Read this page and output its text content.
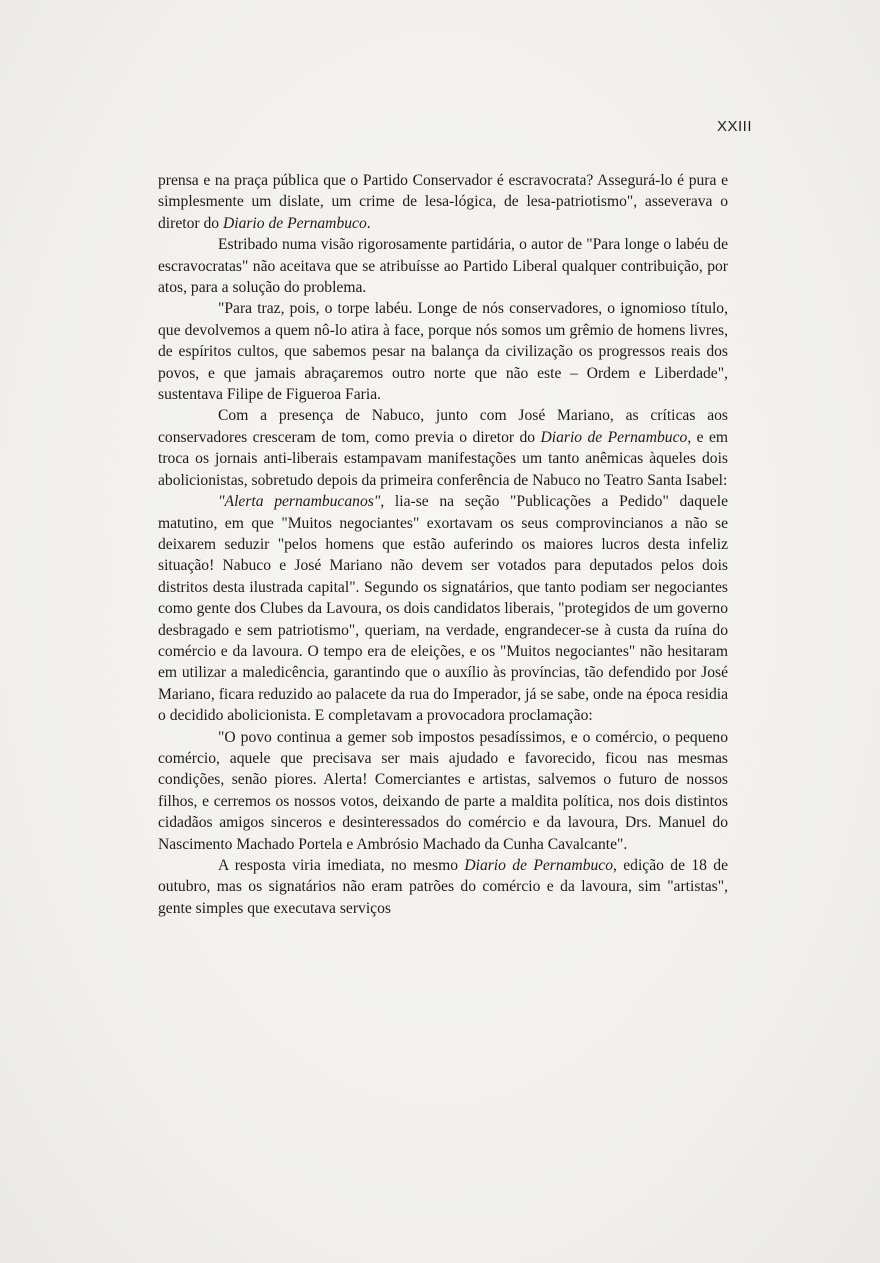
XXIII

prensa e na praça pública que o Partido Conservador é escravocrata? Assegurá-lo é pura e simplesmente um dislate, um crime de lesa-lógica, de lesa-patriotismo", asseverava o diretor do Diario de Pernambuco.

Estribado numa visão rigorosamente partidária, o autor de "Para longe o labéu de escravocratas" não aceitava que se atribuísse ao Partido Liberal qualquer contribuição, por atos, para a solução do problema.

"Para traz, pois, o torpe labéu. Longe de nós conservadores, o ignomioso título, que devolvemos a quem nô-lo atira à face, porque nós somos um grêmio de homens livres, de espíritos cultos, que sabemos pesar na balança da civilização os progressos reais dos povos, e que jamais abraçaremos outro norte que não este – Ordem e Liberdade", sustentava Filipe de Figueroa Faria.

Com a presença de Nabuco, junto com José Mariano, as críticas aos conservadores cresceram de tom, como previa o diretor do Diario de Pernambuco, e em troca os jornais anti-liberais estampavam manifestações um tanto anêmicas àqueles dois abolicionistas, sobretudo depois da primeira conferência de Nabuco no Teatro Santa Isabel:

"Alerta pernambucanos", lia-se na seção "Publicações a Pedido" daquele matutino, em que "Muitos negociantes" exortavam os seus comprovincianos a não se deixarem seduzir "pelos homens que estão auferindo os maiores lucros desta infeliz situação! Nabuco e José Mariano não devem ser votados para deputados pelos dois distritos desta ilustrada capital". Segundo os signatários, que tanto podiam ser negociantes como gente dos Clubes da Lavoura, os dois candidatos liberais, "protegidos de um governo desbragado e sem patriotismo", queriam, na verdade, engrandecer-se à custa da ruína do comércio e da lavoura. O tempo era de eleições, e os "Muitos negociantes" não hesitaram em utilizar a maledicência, garantindo que o auxílio às províncias, tão defendido por José Mariano, ficara reduzido ao palacete da rua do Imperador, já se sabe, onde na época residia o decidido abolicionista. E completavam a provocadora proclamação:

"O povo continua a gemer sob impostos pesadíssimos, e o comércio, o pequeno comércio, aquele que precisava ser mais ajudado e favorecido, ficou nas mesmas condições, senão piores. Alerta! Comerciantes e artistas, salvemos o futuro de nossos filhos, e cerremos os nossos votos, deixando de parte a maldita política, nos dois distintos cidadãos amigos sinceros e desinteressados do comércio e da lavoura, Drs. Manuel do Nascimento Machado Portela e Ambrósio Machado da Cunha Cavalcante".

A resposta viria imediata, no mesmo Diario de Pernambuco, edição de 18 de outubro, mas os signatários não eram patrões do comércio e da lavoura, sim "artistas", gente simples que executava serviços
